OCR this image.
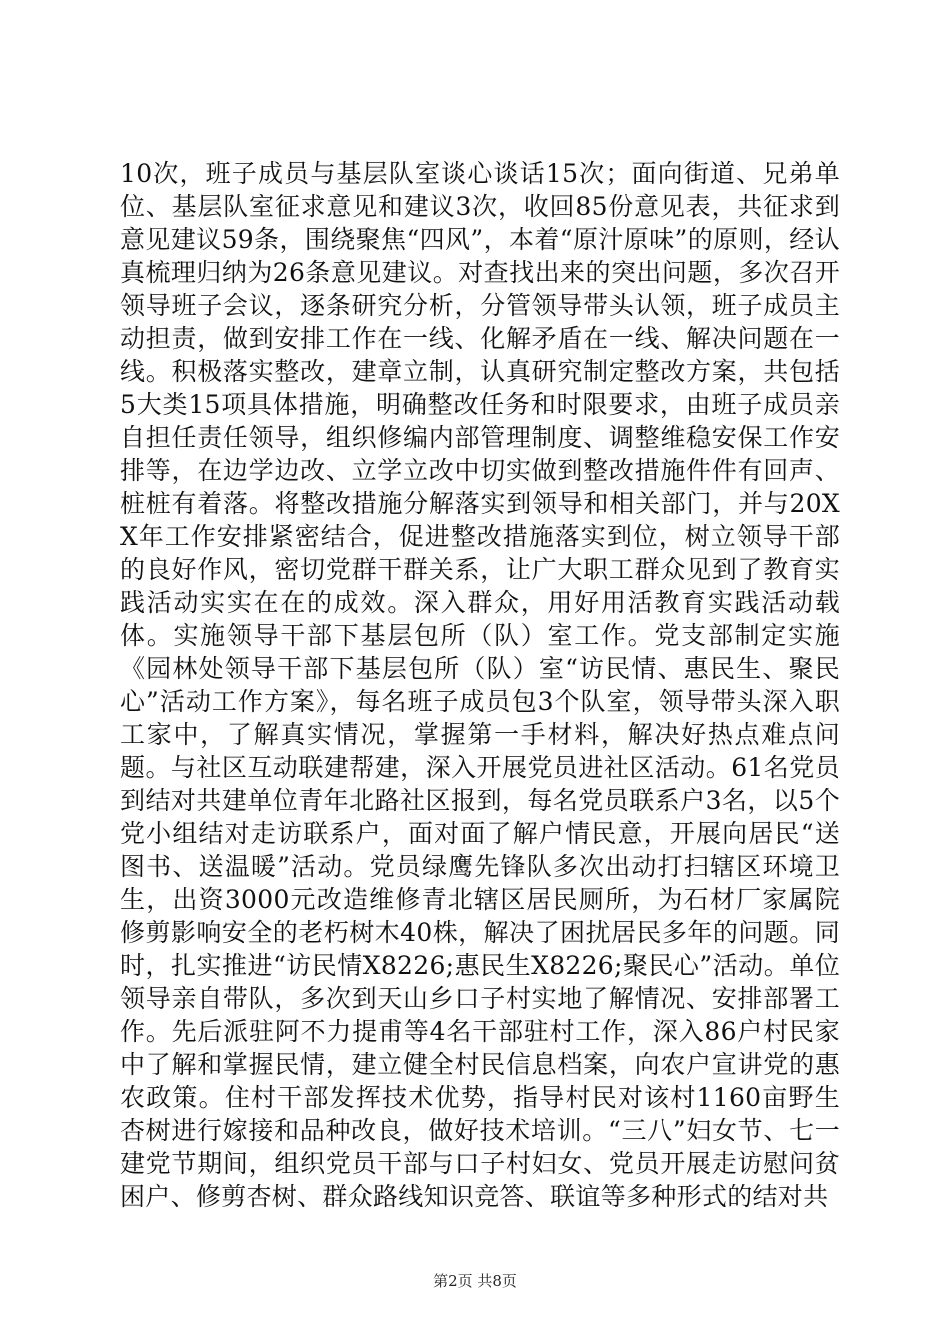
10次，班子成员与基层队室谈心谈话15次；面向街道、兄弟单位、基层队室征求意见和建议3次，收回85份意见表，共征求到意见建议59条，围绕聚焦“四风”，本着“原汁原味”的原则，经认真梳理归纳为26条意见建议。对查找出来的突出问题，多次召开领导班子会议，逐条研究分析，分管领导带头认领，班子成员主动担责，做到安排工作在一线、化解矛盾在一线、解决问题在一线。积极落实整改，建章立制，认真研究制定整改方案，共包括5大类15项具体措施，明确整改任务和时限要求，由班子成员亲自担任责任领导，组织修编内部管理制度、调整维稳安保工作安排等，在边学边改、立学立改中切实做到整改措施件件有回声、桩桩有着落。将整改措施分解落实到领导和相关部门，并与20XX年工作安排紧密结合，促进整改措施落实到位，树立领导干部的良好作风，密切党群干群关系，让广大职工群众见到了教育实践活动实实在在的成效。深入群众，用好用活教育实践活动载体。实施领导干部下基层包所（队）室工作。党支部制定实施《园林处领导干部下基层包所（队）室“访民情、惠民生、聚民心”活动工作方案》，每名班子成员包3个队室，领导带头深入职工家中，了解真实情况，掌握第一手材料，解决好热点难点问题。与社区互动联建帮建，深入开展党员进社区活动。61名党员到结对共建单位青年北路社区报到，每名党员联系户3名，以5个党小组结对走访联系户，面对面了解户情民意，开展向居民“送图书、送温暖”活动。党员绿鹰先锋队多次出动打扫辖区环境卫生，出资3000元改造维修青北辖区居民厕所，为石材厂家属院修剪影响安全的老朽树木40株，解决了困扰居民多年的问题。同时，扎实推进“访民情X8226;惠民生X8226;聚民心”活动。单位领导亲自带队，多次到天山乡口子村实地了解情况、安排部署工作。先后派驻阿不力提甫等4名干部驻村工作，深入86户村民家中了解和掌握民情，建立健全村民信息档案，向农户宣讲党的惠农政策。住村干部发挥技术优势，指导村民对该村1160亩野生杏树进行嫁接和品种改良，做好技术培训。“三八”妇女节、七一建党节期间，组织党员干部与口子村妇女、党员开展走访慰问贫困户、修剪杏树、群众路线知识竞答、联谊等多种形式的结对共

第2页 共8页
